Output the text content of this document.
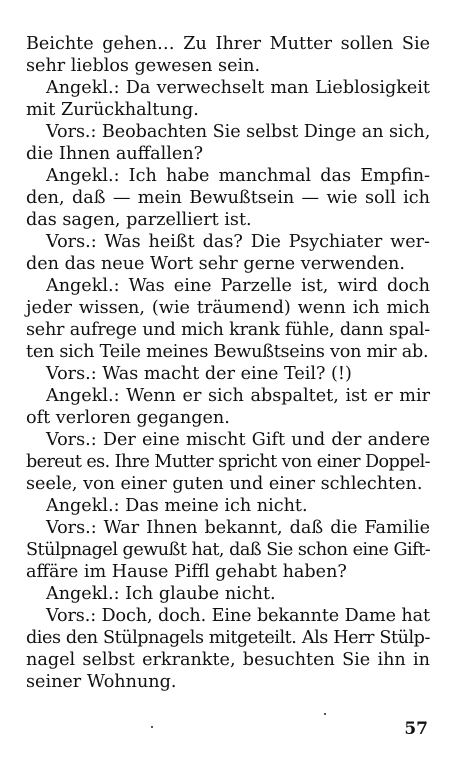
Beichte gehen… Zu Ihrer Mutter sollen Sie
sehr lieblos gewesen sein.
Angekl.: Da verwechselt man Lieblosigkeit
mit Zurückhaltung.
Vors.: Beobachten Sie selbst Dinge an sich,
die Ihnen auffallen?
Angekl.: Ich habe manchmal das Empfin-
den, daß — mein Bewußtsein — wie soll ich
das sagen, parzelliert ist.
Vors.: Was heißt das? Die Psychiater wer-
den das neue Wort sehr gerne verwenden.
Angekl.: Was eine Parzelle ist, wird doch
jeder wissen, (wie träumend) wenn ich mich
sehr aufrege und mich krank fühle, dann spal-
ten sich Teile meines Bewußtseins von mir ab.
Vors.: Was macht der eine Teil? (!)
Angekl.: Wenn er sich abspaltet, ist er mir
oft verloren gegangen.
Vors.: Der eine mischt Gift und der andere
bereut es. Ihre Mutter spricht von einer Doppel-
seele, von einer guten und einer schlechten.
Angekl.: Das meine ich nicht.
Vors.: War Ihnen bekannt, daß die Familie
Stülpnagel gewußt hat, daß Sie schon eine Gift-
affäre im Hause Piffl gehabt haben?
Angekl.: Ich glaube nicht.
Vors.: Doch, doch. Eine bekannte Dame hat
dies den Stülpnagels mitgeteilt. Als Herr Stülp-
nagel selbst erkrankte, besuchten Sie ihn in
seiner Wohnung.
57
